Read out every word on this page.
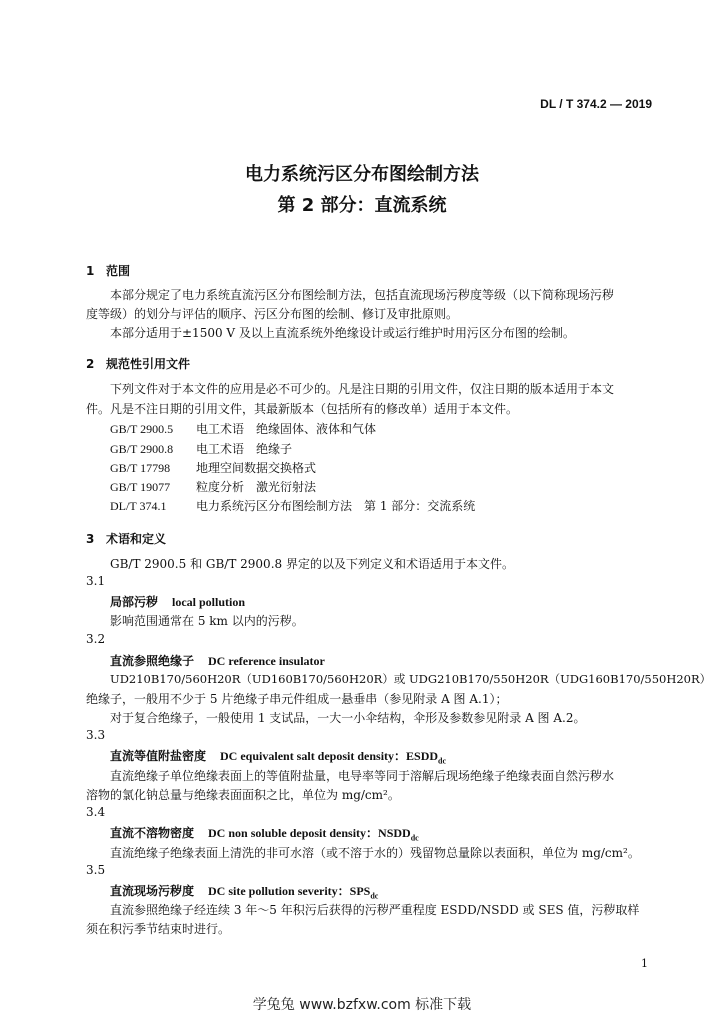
DL / T 374.2 — 2019
电力系统污区分布图绘制方法
第 2 部分：直流系统
1 范围
本部分规定了电力系统直流污区分布图绘制方法，包括直流现场污秽度等级（以下简称现场污秽
度等级）的划分与评估的顺序、污区分布图的绘制、修订及审批原则。
本部分适用于±1500 V 及以上直流系统外绝缘设计或运行维护时用污区分布图的绘制。
2 规范性引用文件
下列文件对于本文件的应用是必不可少的。凡是注日期的引用文件，仅注日期的版本适用于本文
件。凡是不注日期的引用文件，其最新版本（包括所有的修改单）适用于本文件。
GB/T 2900.5 电工术语　绝缘固体、液体和气体
GB/T 2900.8 电工术语　绝缘子
GB/T 17798 地理空间数据交换格式
GB/T 19077 粒度分析　激光衍射法
DL/T 374.1 电力系统污区分布图绘制方法　第 1 部分：交流系统
3 术语和定义
GB/T 2900.5 和 GB/T 2900.8 界定的以及下列定义和术语适用于本文件。
3.1
局部污秽 local pollution
影响范围通常在 5 km 以内的污秽。
3.2
直流参照绝缘子 DC reference insulator
UD210B170/560H20R（UD160B170/560H20R）或 UDG210B170/550H20R（UDG160B170/550H20R）
绝缘子，一般用不少于 5 片绝缘子串元件组成一悬垂串（参见附录 A 图 A.1）；
对于复合绝缘子，一般使用 1 支试品，一大一小伞结构，伞形及参数参见附录 A 图 A.2。
3.3
直流等值附盐密度 DC equivalent salt deposit density：$ESDD_{dc}$
直流绝缘子单位绝缘表面上的等值附盐量，电导率等同于溶解后现场绝缘子绝缘表面自然污秽水
溶物的氯化钠总量与绝缘表面面积之比，单位为 mg/cm²。
3.4
直流不溶物密度 DC non soluble deposit density：$NSDD_{dc}$
直流绝缘子绝缘表面上清洗的非可水溶（或不溶于水的）残留物总量除以表面积，单位为 mg/cm²。
3.5
直流现场污秽度 DC site pollution severity：$SPS_{dc}$
直流参照绝缘子经连续 3 年～5 年积污后获得的污秽严重程度 ESDD/NSDD 或 SES 值，污秽取样
须在积污季节结束时进行。
1
学兔兔 www.bzfxw.com 标准下载
